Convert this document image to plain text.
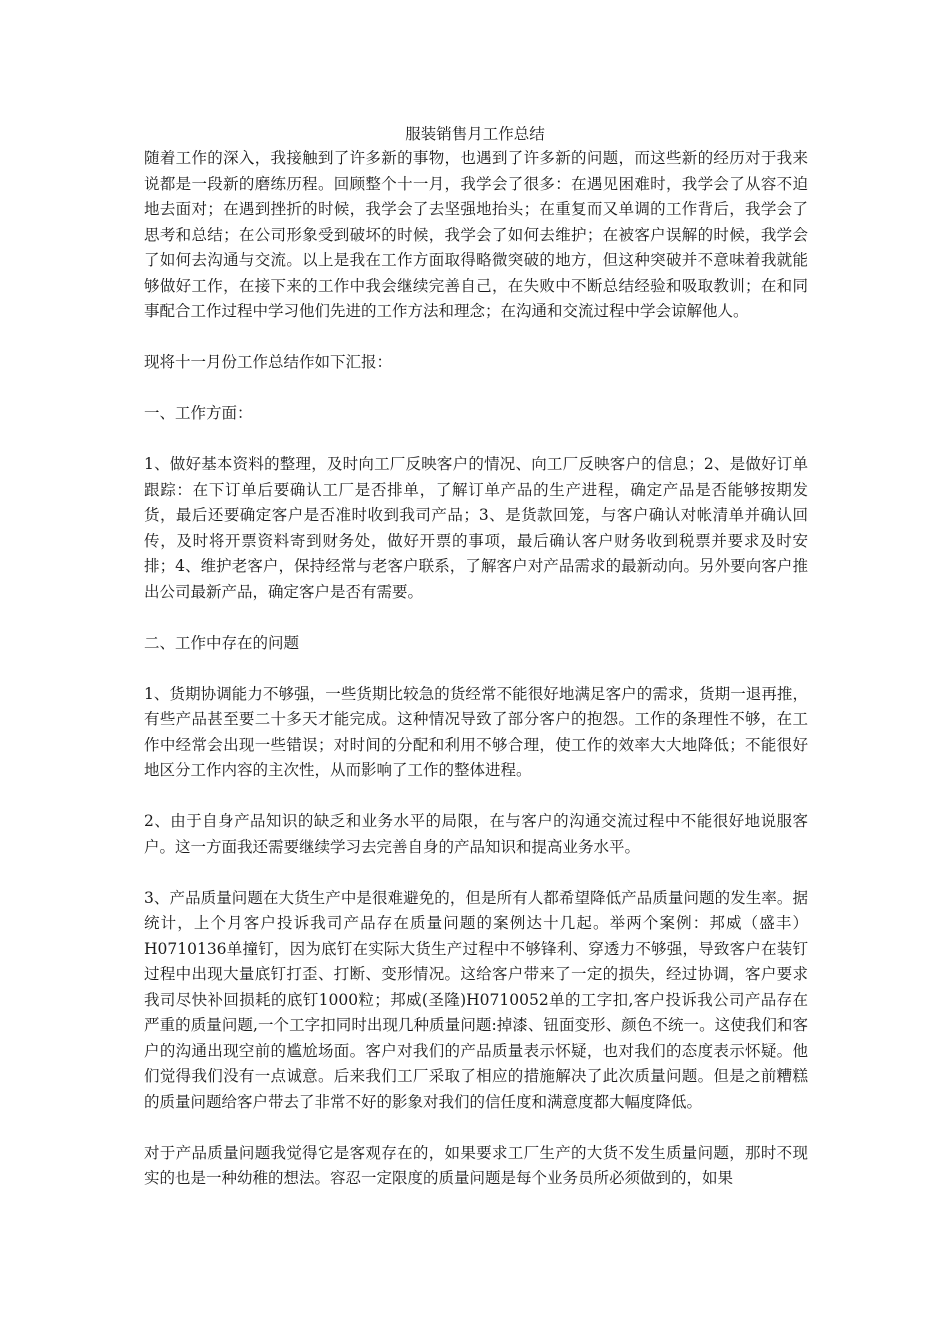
服装销售月工作总结

随着工作的深入，我接触到了许多新的事物，也遇到了许多新的问题，而这些新的经历对于我来说都是一段新的磨练历程。回顾整个十一月，我学会了很多：在遇见困难时，我学会了从容不迫地去面对；在遇到挫折的时候，我学会了去坚强地抬头；在重复而又单调的工作背后，我学会了思考和总结；在公司形象受到破坏的时候，我学会了如何去维护；在被客户误解的时候，我学会了如何去沟通与交流。以上是我在工作方面取得略微突破的地方，但这种突破并不意味着我就能够做好工作，在接下来的工作中我会继续完善自己，在失败中不断总结经验和吸取教训；在和同事配合工作过程中学习他们先进的工作方法和理念；在沟通和交流过程中学会谅解他人。

现将十一月份工作总结作如下汇报：

一、工作方面：

1、做好基本资料的整理，及时向工厂反映客户的情况、向工厂反映客户的信息；2、是做好订单跟踪：在下订单后要确认工厂是否排单，了解订单产品的生产进程，确定产品是否能够按期发货，最后还要确定客户是否准时收到我司产品；3、是货款回笼，与客户确认对帐清单并确认回传，及时将开票资料寄到财务处，做好开票的事项，最后确认客户财务收到税票并要求及时安排；4、维护老客户，保持经常与老客户联系，了解客户对产品需求的最新动向。另外要向客户推出公司最新产品，确定客户是否有需要。

二、工作中存在的问题

1、货期协调能力不够强，一些货期比较急的货经常不能很好地满足客户的需求，货期一退再推，有些产品甚至要二十多天才能完成。这种情况导致了部分客户的抱怨。工作的条理性不够，在工作中经常会出现一些错误；对时间的分配和利用不够合理，使工作的效率大大地降低；不能很好地区分工作内容的主次性，从而影响了工作的整体进程。

2、由于自身产品知识的缺乏和业务水平的局限，在与客户的沟通交流过程中不能很好地说服客户。这一方面我还需要继续学习去完善自身的产品知识和提高业务水平。

3、产品质量问题在大货生产中是很难避免的，但是所有人都希望降低产品质量问题的发生率。据统计，上个月客户投诉我司产品存在质量问题的案例达十几起。举两个案例：邦威（盛丰）H0710136单撞钉，因为底钉在实际大货生产过程中不够锋利、穿透力不够强，导致客户在装钉过程中出现大量底钉打歪、打断、变形情况。这给客户带来了一定的损失，经过协调，客户要求我司尽快补回损耗的底钉1000粒；邦威(圣隆)H0710052单的工字扣,客户投诉我公司产品存在严重的质量问题,一个工字扣同时出现几种质量问题:掉漆、钮面变形、颜色不统一。这使我们和客户的沟通出现空前的尴尬场面。客户对我们的产品质量表示怀疑，也对我们的态度表示怀疑。他们觉得我们没有一点诚意。后来我们工厂采取了相应的措施解决了此次质量问题。但是之前糟糕的质量问题给客户带去了非常不好的影象对我们的信任度和满意度都大幅度降低。

对于产品质量问题我觉得它是客观存在的，如果要求工厂生产的大货不发生质量问题，那时不现实的也是一种幼稚的想法。容忍一定限度的质量问题是每个业务员所必须做到的，如果
